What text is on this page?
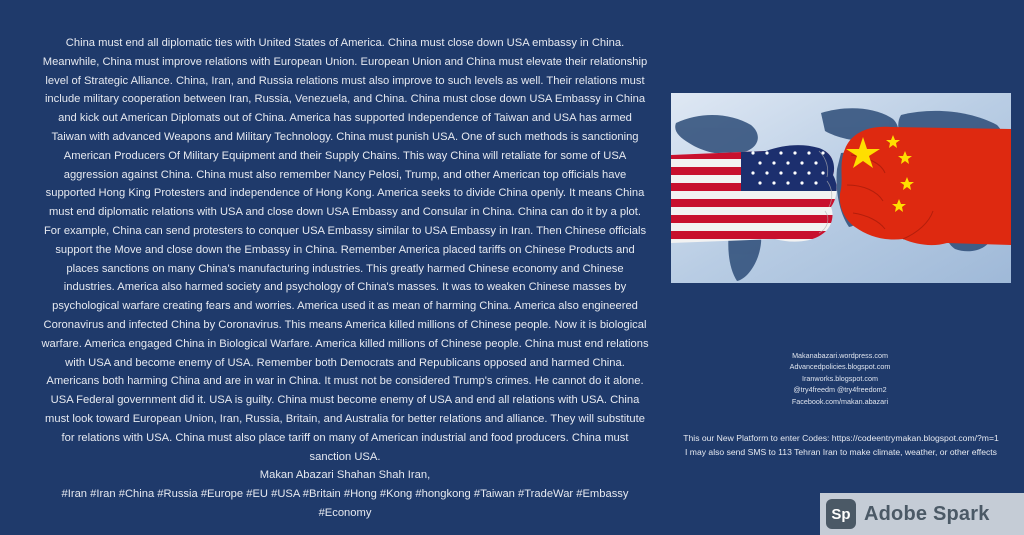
China must end all diplomatic ties with United States of America. China must close down USA embassy in China. Meanwhile, China must improve relations with European Union. European Union and China must elevate their relationship level of Strategic Alliance. China, Iran, and Russia relations must also improve to such levels as well. Their relations must include military cooperation between Iran, Russia, Venezuela, and China. China must close down USA Embassy in China and kick out American Diplomats out of China. America has supported Independence of Taiwan and USA has armed Taiwan with advanced Weapons and Military Technology. China must punish USA. One of such methods is sanctioning American Producers Of Military Equipment and their Supply Chains. This way China will retaliate for some of USA aggression against China. China must also remember Nancy Pelosi, Trump, and other American top officials have supported Hong King Protesters and independence of Hong Kong. America seeks to divide China openly. It means China must end diplomatic relations with USA and close down USA Embassy and Consular in China. China can do it by a plot. For example, China can send protesters to conquer USA Embassy similar to USA Embassy in Iran. Then Chinese officials support the Move and close down the Embassy in China. Remember America placed tariffs on Chinese Products and places sanctions on many China's manufacturing industries. This greatly harmed Chinese economy and Chinese industries. America also harmed society and psychology of China's masses. It was to weaken Chinese masses by psychological warfare creating fears and worries. America used it as mean of harming China. America also engineered Coronavirus and infected China by Coronavirus. This means America killed millions of Chinese people. Now it is biological warfare. America engaged China in Biological Warfare. America killed millions of Chinese people. China must end relations with USA and become enemy of USA. Remember both Democrats and Republicans opposed and harmed China. Americans both harming China and are in war in China. It must not be considered Trump's crimes. He cannot do it alone. USA Federal government did it. USA is guilty. China must become enemy of USA and end all relations with USA. China must look toward European Union, Iran, Russia, Britain, and Australia for better relations and alliance. They will substitute for relations with USA. China must also place tariff on many of American industrial and food producers. China must sanction USA.

Makan Abazari Shahan Shah Iran,

#Iran #Iran #China #Russia #Europe #EU #USA #Britain #Hong #Kong #hongkong #Taiwan #TradeWar #Embassy #Economy

Makanabazari.wordpress.com
Advancedpolicies.blogspot.com
Iranworks.blogspot.com
@try4freedm @try4freedom2
Facebook.com/makan.abazari
This our New Platform to enter Codes: https://codeentrymakan.blogspot.com/?m=1
I may also send SMS to 113 Tehran Iran to make climate, weather, or other effects
Sp Adobe Spark
